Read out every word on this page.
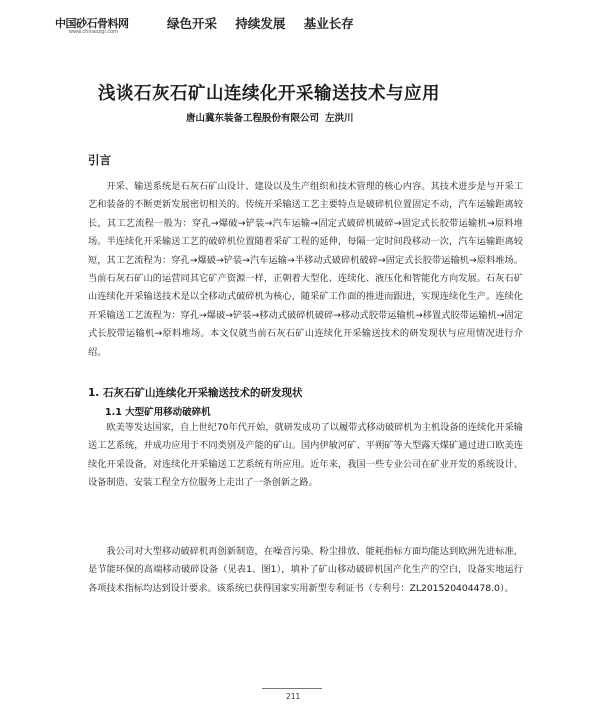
中国砂石骨料网
www.chinaszgl.com
绿色开采 持续发展 基业长存
浅谈石灰石矿山连续化开采输送技术与应用
唐山冀东装备工程股份有限公司 左洪川
引言

开采、输送系统是石灰石矿山设计、建设以及生产组织和技术管理的核心内容。其技术进步是与开采工艺和装备的不断更新发展密切相关的。传统开采输送工艺主要特点是破碎机位置固定不动，汽车运输距离较长，其工艺流程一般为：穿孔→爆破→铲装→汽车运输→固定式破碎机破碎→固定式长胶带运输机→原料堆场。半连续化开采输送工艺的破碎机位置随着采矿工程的延伸，每隔一定时间段移动一次，汽车运输距离较短，其工艺流程为：穿孔→爆破→铲装→汽车运输→半移动式破碎机破碎→固定式长胶带运输机→原料堆场。当前石灰石矿山的运营同其它矿产资源一样，正朝着大型化、连续化、液压化和智能化方向发展。石灰石矿山连续化开采输送技术是以全移动式破碎机为核心，随采矿工作面的推进而跟进，实现连续化生产。连续化开采输送工艺流程为：穿孔→爆破→铲装→移动式破碎机破碎→移动式胶带运输机→移置式胶带运输机→固定式长胶带运输机→原料堆场。本文仅就当前石灰石矿山连续化开采输送技术的研发现状与应用情况进行介绍。

1. 石灰石矿山连续化开采输送技术的研发现状
1.1 大型矿用移动破碎机

欧美等发达国家，自上世纪70年代开始，就研发成功了以履带式移动破碎机为主机设备的连续化开采输送工艺系统，并成功应用于不同类别及产能的矿山。国内伊敏河矿、平朔矿等大型露天煤矿通过进口欧美连续化开采设备，对连续化开采输送工艺系统有所应用。近年来，我国一些专业公司在矿业开发的系统设计、设备制造、安装工程全方位服务上走出了一条创新之路。

我公司对大型移动破碎机再创新制造，在噪音污染、粉尘排放、能耗指标方面均能达到欧洲先进标准，是节能环保的高端移动破碎设备（见表1、图1），填补了矿山移动破碎机国产化生产的空白，设备实地运行各项技术指标均达到设计要求。该系统已获得国家实用新型专利证书（专利号：ZL201520404478.0）。

211
